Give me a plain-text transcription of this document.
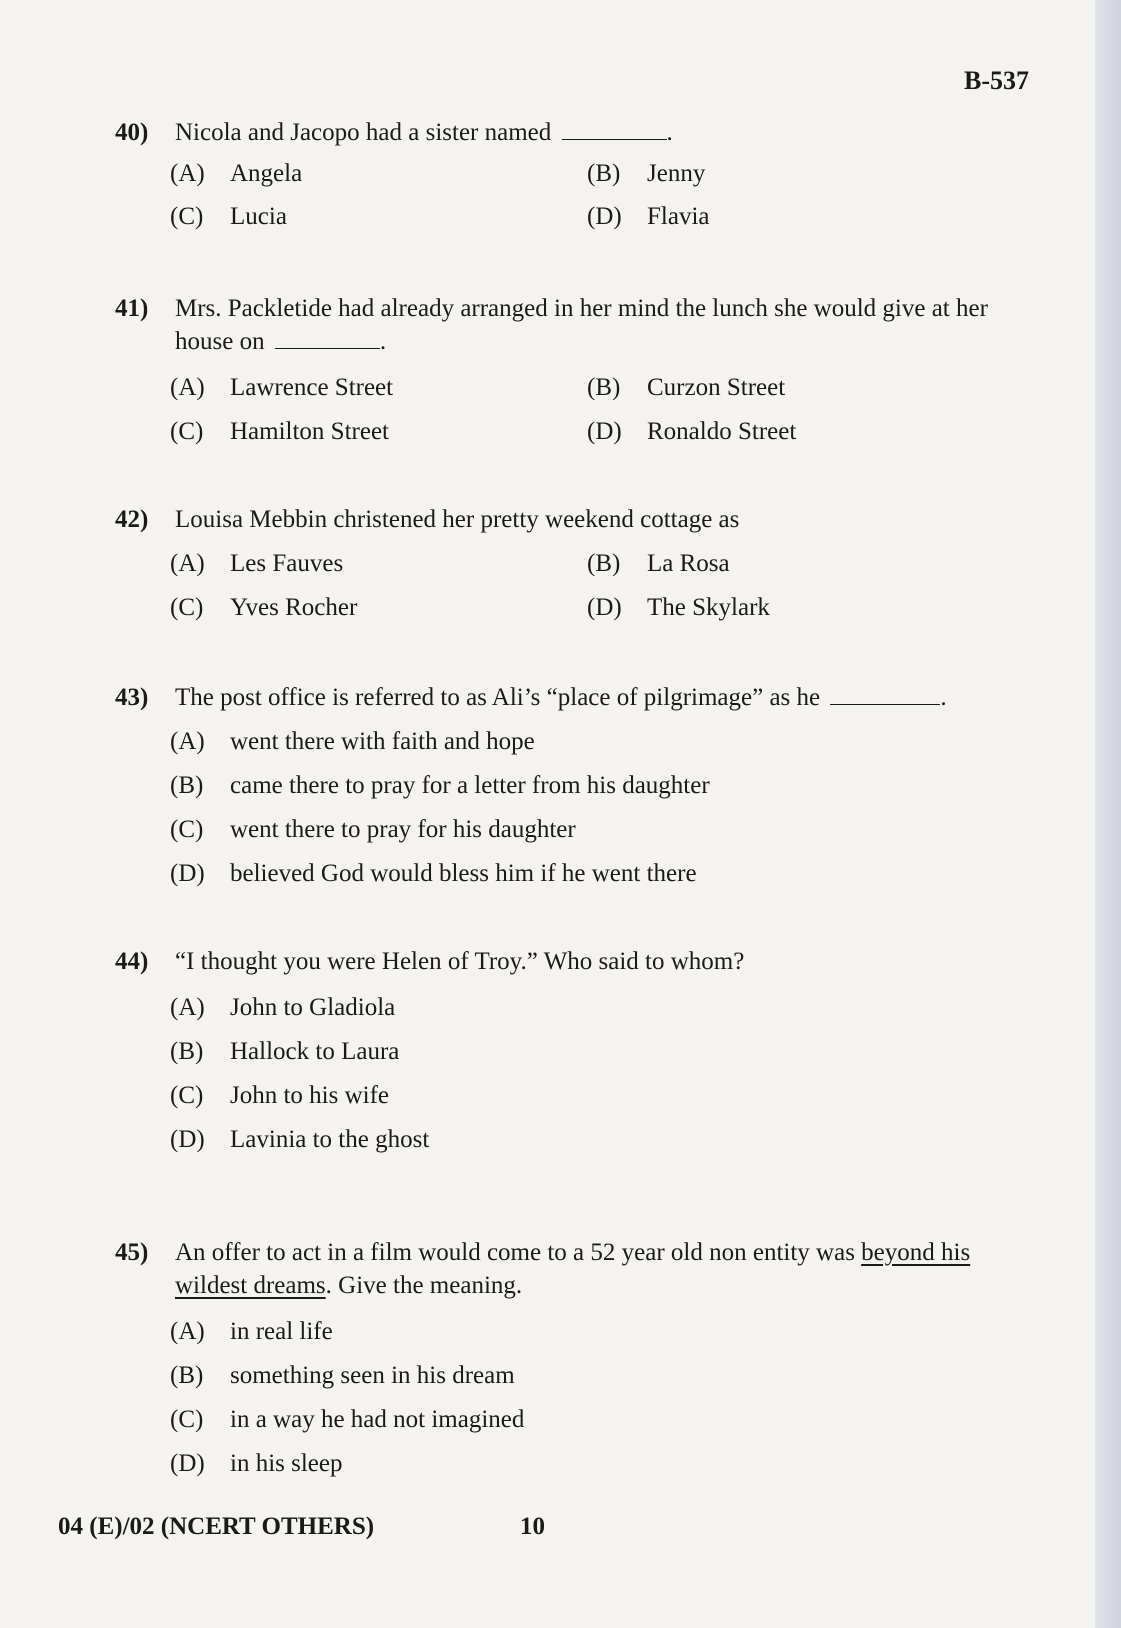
B-537
40) Nicola and Jacopo had a sister named	.
(A) Angela	(B) Jenny
(C) Lucia	(D) Flavia
41) Mrs. Packletide had already arranged in her mind the lunch she would give at her
house on	.
(A) Lawrence Street	(B) Curzon Street
(C) Hamilton Street	(D) Ronaldo Street
42) Louisa Mebbin christened her pretty weekend cottage as
(A) Les Fauves	(B) La Rosa
(C) Yves Rocher	(D) The Skylark
43) The post office is referred to as Ali’s “place of pilgrimage” as he	.
(A) went there with faith and hope
(B) came there to pray for a letter from his daughter
(C) went there to pray for his daughter
(D) believed God would bless him if he went there
44) “I thought you were Helen of Troy.” Who said to whom?
(A) John to Gladiola
(B) Hallock to Laura
(C) John to his wife
(D) Lavinia to the ghost
45) An offer to act in a film would come to a 52 year old non entity was beyond his
wildest dreams. Give the meaning.
(A) in real life
(B) something seen in his dream
(C) in a way he had not imagined
(D) in his sleep
04 (E)/02 (NCERT OTHERS)	10
